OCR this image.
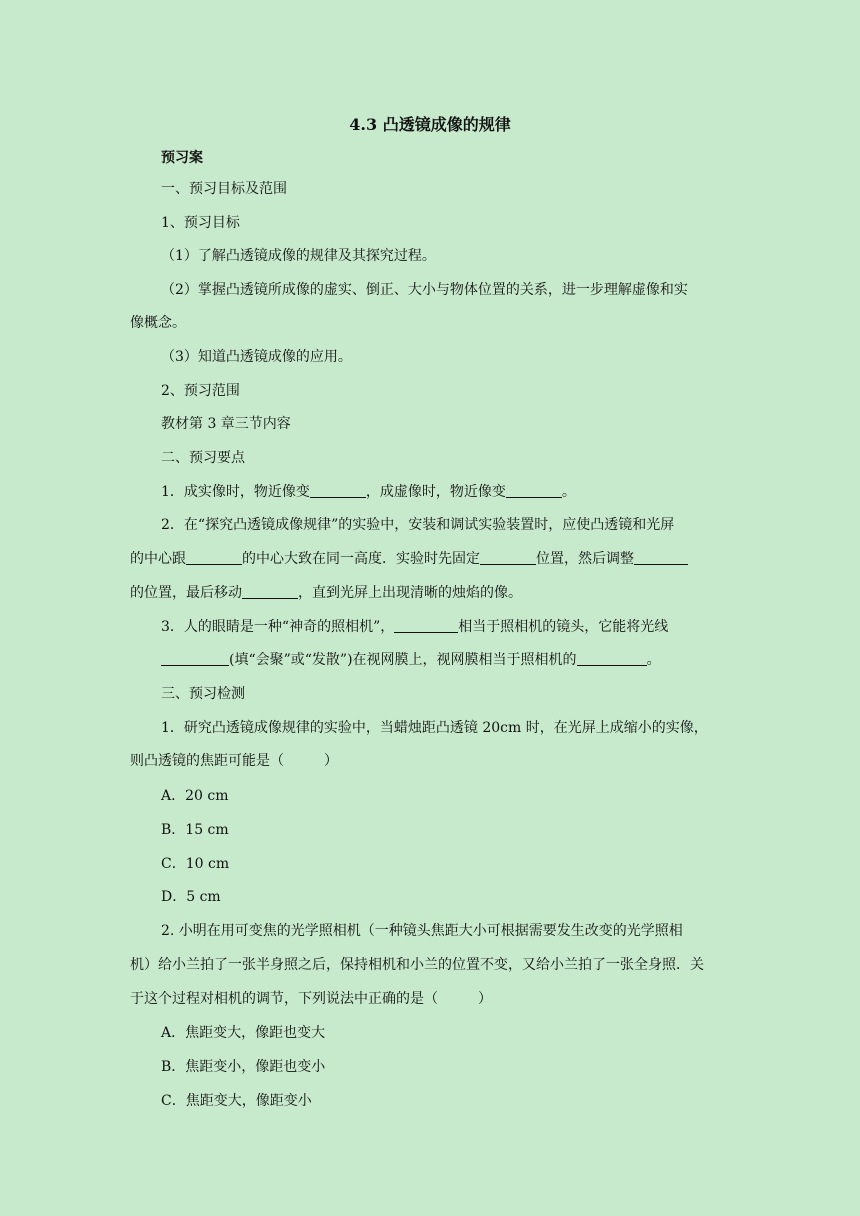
4.3 凸透镜成像的规律
预习案
一、预习目标及范围
1、预习目标
（1）了解凸透镜成像的规律及其探究过程。
（2）掌握凸透镜所成像的虚实、倒正、大小与物体位置的关系，进一步理解虚像和实
像概念。
（3）知道凸透镜成像的应用。
2、预习范围
教材第 3 章三节内容
二、预习要点
1．成实像时，物近像变	，成虚像时，物近像变	。
2．在“探究凸透镜成像规律”的实验中，安装和调试实验装置时，应使凸透镜和光屏
的中心跟	的中心大致在同一高度．实验时先固定	位置，然后调整
的位置，最后移动	，直到光屏上出现清晰的烛焰的像。
3．人的眼睛是一种“神奇的照相机”，	相当于照相机的镜头，它能将光线
(填“会聚”或“发散”)在视网膜上，视网膜相当于照相机的	。
三、预习检测
1．研究凸透镜成像规律的实验中，当蜡烛距凸透镜 20cm 时，在光屏上成缩小的实像，
则凸透镜的焦距可能是（	）
A．20 cm
B．15 cm
C．10 cm
D．5 cm
2. 小明在用可变焦的光学照相机（一种镜头焦距大小可根据需要发生改变的光学照相
机）给小兰拍了一张半身照之后，保持相机和小兰的位置不变，又给小兰拍了一张全身照．关
于这个过程对相机的调节，下列说法中正确的是（	）
A．焦距变大，像距也变大
B．焦距变小，像距也变小
C．焦距变大，像距变小
